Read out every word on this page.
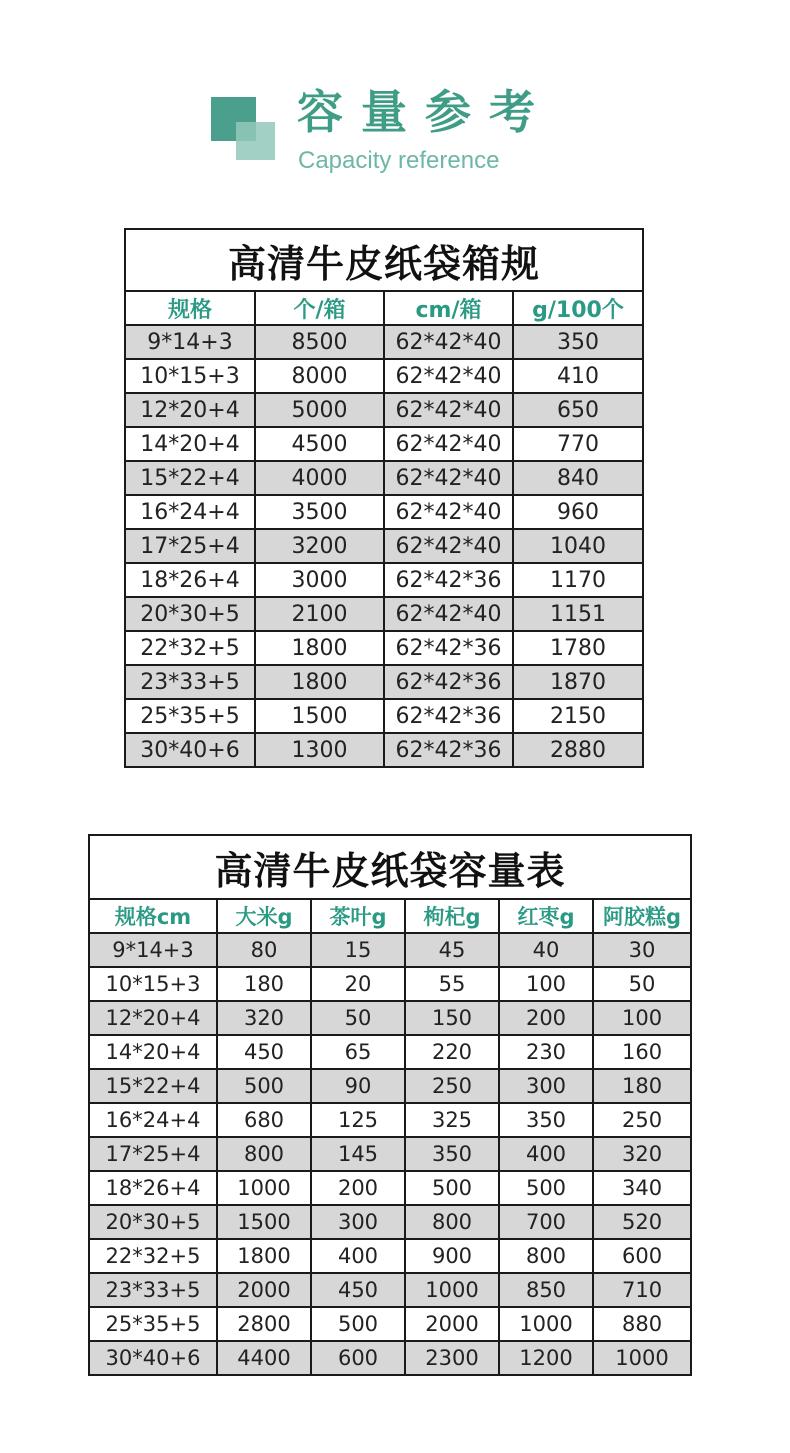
容量参考
Capacity reference
高清牛皮纸袋箱规			
规格	个/箱	cm/箱	g/100个
9*14+3	8500	62*42*40	350
10*15+3	8000	62*42*40	410
12*20+4	5000	62*42*40	650
14*20+4	4500	62*42*40	770
15*22+4	4000	62*42*40	840
16*24+4	3500	62*42*40	960
17*25+4	3200	62*42*40	1040
18*26+4	3000	62*42*36	1170
20*30+5	2100	62*42*40	1151
22*32+5	1800	62*42*36	1780
23*33+5	1800	62*42*36	1870
25*35+5	1500	62*42*36	2150
30*40+6	1300	62*42*36	2880
高清牛皮纸袋容量表					
规格cm	大米g	茶叶g	枸杞g	红枣g	阿胶糕g
9*14+3	80	15	45	40	30
10*15+3	180	20	55	100	50
12*20+4	320	50	150	200	100
14*20+4	450	65	220	230	160
15*22+4	500	90	250	300	180
16*24+4	680	125	325	350	250
17*25+4	800	145	350	400	320
18*26+4	1000	200	500	500	340
20*30+5	1500	300	800	700	520
22*32+5	1800	400	900	800	600
23*33+5	2000	450	1000	850	710
25*35+5	2800	500	2000	1000	880
30*40+6	4400	600	2300	1200	1000
